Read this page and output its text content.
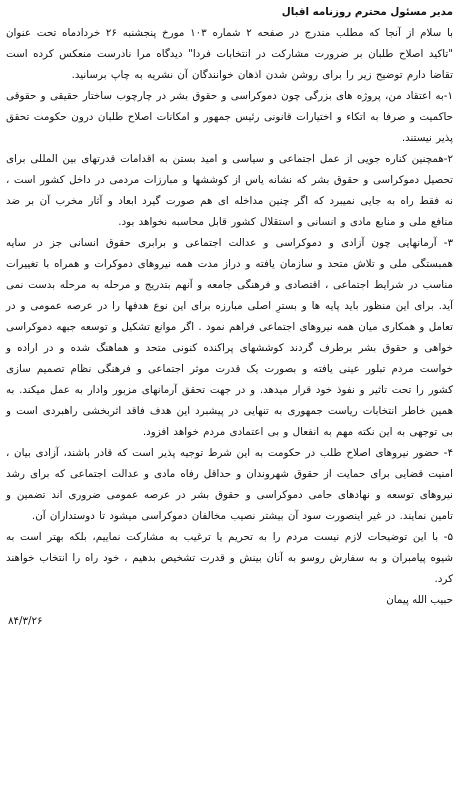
مدیر مسئول محترم روزنامه اقبال

با سلام از آنجا که مطلب مندرج در صفحه ۲ شماره ۱۰۳ مورخ پنجشنبه ۲۶ خردادماه تحت عنوان "تاکید اصلاح طلبان بر ضرورت مشارکت در انتخابات فردا" دیدگاه مرا نادرست منعکس کرده است تقاضا دارم توضیح زیر را برای روشن شدن اذهان خوانندگان آن نشریه به چاپ برسانید.

۱-به اعتقاد من، پروژه های بزرگی چون دموکراسی و حقوق بشر در چارچوب ساختار حقیقی و حقوقی حاکمیت و صرفا به اتکاء و اختیارات قانونی رئیس جمهور و امکانات اصلاح طلبان درون حکومت تحقق پذیر نیستند.

۲-همچنین کناره جویی از عمل اجتماعی و سیاسی و امید بستن به اقدامات قدرتهای بین المللی برای تحصیل دموکراسی و حقوق بشر که نشانه یاس از کوششها و مبارزات مردمی در داخل کشور است ، نه فقط راه به جایی نمیبرد که اگر چنین مداخله ای هم صورت گیرد ابعاد و آثار مخرب آن بر ضد منافع ملی و منابع مادی و انسانی و استقلال کشور قابل محاسبه نخواهد بود.

۳- آرمانهایی چون آزادی و دموکراسی و عدالت اجتماعی و برابری حقوق انسانی جز در سایه همبستگی ملی و تلاش متحد و سازمان یافته و دراز مدت همه نیروهای دموکرات و همراه با تغییرات مناسب در شرایط اجتماعی ، اقتصادی و فرهنگی جامعه و آنهم بتدریج و مرحله به مرحله بدست نمی آید. برای این منظور باید پایه ها و بسترِ اصلی مبارزه برای این نوع هدفها را در عرصه عمومی و در تعامل و همکاری میان همه نیروهای اجتماعی فراهم نمود . اگر موانع تشکیل و توسعه جبهه دموکراسی خواهی و حقوق بشر برطرف گردند کوششهای پراکنده کنونی متحد و هماهنگ شده و در اراده و خواست مردم تبلور عینی یافته و بصورت یک قدرت موثر اجتماعی و فرهنگی نظام تصمیم سازی کشور را تحت تاثیر و نفوذ خود قرار میدهد. و در جهت تحقق آرمانهای مزبور وادار به عمل میکند. به همین خاطر انتخابات ریاست جمهوری به تنهایی در پیشبرد این هدف فاقد اثربخشی راهبردی است و بی توجهی به این نکته مهم به انفعال و بی اعتمادی مردم خواهد افزود.

۴- حضور نیروهای اصلاح طلب در حکومت به این شرط توجیه پذیر است که قادر باشند، آزادی بیان ، امنیت قضایی برای حمایت از حقوق شهروندان و حداقل رفاه مادی و عدالت اجتماعی که برای رشد نیروهای توسعه و نهادهای حامی دموکراسی و حقوق بشر در عرصه عمومی ضروری اند تضمین و تامین نمایند. در غیر اینصورت سود آن بیشتر نصیب مخالفان دموکراسی میشود تا دوستداران آن.

۵- با این توضیحات لازم نیست مردم را به تحریم یا ترغیب به مشارکت نماییم، بلکه بهتر است به شیوه پیامبران و به سفارش روسو به آنان بینش و قدرت تشخیص بدهیم ، خود راه را انتخاب خواهند کرد.

حبیب الله پیمان

۸۴/۳/۲۶
